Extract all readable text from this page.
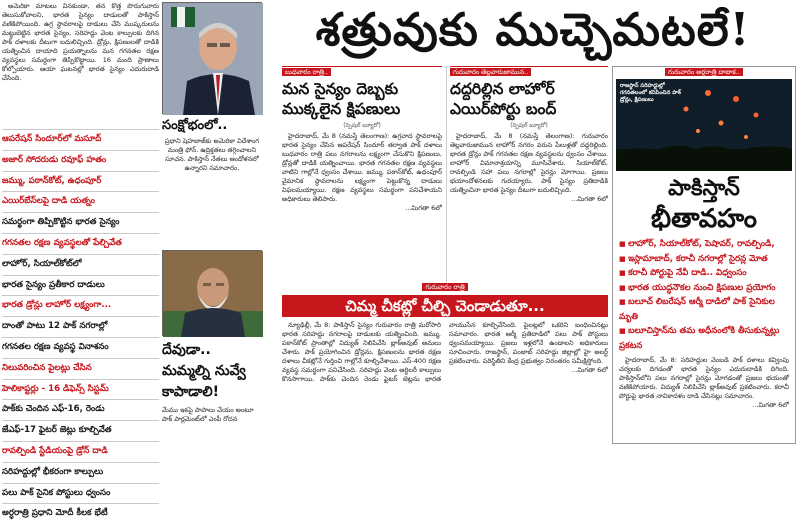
అమెరికా మాటలు వినకుండా, తన కొత్త పొరుగువారు తెలుసుకోవాలని, భారత సైన్యం దాడులతో పాకిస్తాన్ వణికిపోయింది. ఉగ్ర స్థావరాలపై దాడులు చేసి ముష్కరులను మట్టుబెట్టిన భారత సైన్యం, సరిహద్దు వెంట కాల్పులకు దిగిన పాక్ దళాలకు దీటుగా బదులిచ్చింది. డ్రోన్లు, క్షిపణులతో దాడికి యత్నించిన దాయాది ప్రయత్నాలను మన గగనతల రక్షణ వ్యవస్థలు సమర్థంగా తిప్పికొట్టాయి. 16 మంది ప్రాణాలు కోల్పోయారు. ఆయా ఘటనల్లో భారత సైన్యం ఎదురుదాడి చేసింది.

ఆపరేషన్ సిందూర్‌లో మసూద్
అజార్ సోదరుడు రవూఫ్ హతం
జమ్ము, పఠాన్‌కోట్, ఉధంపూర్
ఎయిర్‌బేస్‌లపై దాడి యత్నం
సమర్థంగా తిప్పికొట్టిన భారత సైన్యం
గగనతల రక్షణ వ్యవస్థలతో పేల్చివేత
లాహోర్, సియాల్‌కోట్‌లో
భారత సైన్యం ప్రతీకార దాడులు
భారత డ్రోన్లు లాహోర్ లక్ష్యంగా...
దాంతో పాటు 12 పాక్ నగరాల్లో
గగనతల రక్షణ వ్యవస్థ వినాశనం
నిలువరించిన పైలట్లు చేసిన
హెలికాప్టర్లు - 16 డిఫెన్స్ సిస్టమ్
పాక్‌కు చెందిన ఎఫ్-16, రెండు
జేఎఫ్-17 ఫైటర్ జెట్లు కూల్చివేత
రావల్పిండి స్టేడియంపై డ్రోన్ దాడి
సరిహద్దుల్లో భీకరంగా కాల్పులు
పలు పాక్ సైనిక పోస్టులు ధ్వంసం
అర్ధరాత్రి ప్రధాని మోదీ కీలక భేటీ
సంక్షోభంలో..
ప్రధాని షెహబాజ్‌కు అమెరికా విదేశాంగ మంత్రి ఫోన్. ఉద్రిక్తతలు తగ్గించాలని సూచన. పాకిస్తాన్ నేతలు ఆందోళనలో ఉన్నారని సమాచారం.
దేవుడా.. మమ్మల్ని నువ్వే కాపాడాలి!
మేము ఇకపై పాపాలు చేయం అంటూ పాక్ పార్లమెంట్‌లో ఎంపీ రోదన
శత్రువుకు ముచ్చెమటలే!
బుధవారం రాత్రి..
మన సైన్యం దెబ్బకు ముక్కలైన క్షిపణులు
(స్పెషల్ బ్యూరో)

హైదరాబాద్, మే 8 (నమస్తే తెలంగాణ): ఉగ్రవాద స్థావరాలపై భారత సైన్యం చేసిన ఆపరేషన్ సిందూర్ తర్వాత పాక్ దళాలు బుధవారం రాత్రి పలు నగరాలను లక్ష్యంగా చేసుకొని క్షిపణులు, డ్రోన్లతో దాడికి యత్నించాయి. భారత గగనతల రక్షణ వ్యవస్థలు వాటిని గాల్లోనే ధ్వంసం చేశాయి. జమ్ము, పఠాన్‌కోట్, ఉధంపూర్ వైమానిక స్థావరాలను లక్ష్యంగా పెట్టుకొన్న దాడులు విఫలమయ్యాయి. రక్షణ వ్యవస్థలు సమర్థంగా పనిచేశాయని అధికారులు తెలిపారు.

...మిగతా 6లో
గురువారం తెల్లవారుజామున..
దద్దరిల్లిన లాహోర్ ఎయిర్‌పోర్టు బంద్
(స్పెషల్ బ్యూరో)

హైదరాబాద్, మే 8 (నమస్తే తెలంగాణ): గురువారం తెల్లవారుజామున లాహోర్ నగరం వరుస పేలుళ్లతో దద్దరిల్లింది. భారత డ్రోన్లు పాక్ గగనతల రక్షణ వ్యవస్థలను ధ్వంసం చేశాయి. లాహోర్ విమానాశ్రయాన్ని మూసివేశారు. సియాల్‌కోట్, రావల్పిండి సహా పలు నగరాల్లో సైరన్లు మోగాయి. ప్రజలు భయాందోళనలకు గురయ్యారు. పాక్ సైన్యం ప్రతిదాడికి యత్నించినా భారత సైన్యం దీటుగా బదులిచ్చింది.

...మిగతా 6లో
గురువారం అర్ధరాత్రి దాటాక..
రాజస్థాన్ సరిహద్దుల్లో గగనతలంలో కనిపించిన పాక్ డ్రోన్లు, క్షిపణులు
పాకిస్తాన్
భీతావహం
■ లాహోర్, సియాల్‌కోట్, పెషావర్, రావల్పిండి,
■ ఇస్లామాబాద్, కరాచీ నగరాల్లో సైరన్ల మోత
■ కరాచీ పోర్టుపై నేవీ దాడి.. విధ్వంసం
■ భారత యుద్ధనౌకల నుంచి క్షిపణుల ప్రయోగం
■ బలూచ్ లిబరేషన్ ఆర్మీ దాడిలో పాక్ సైనికుల మృతి
■ బలూచిస్తాన్‌ను తమ అధీనంలోకి తీసుకున్నట్లు ప్రకటన

హైదరాబాద్, మే 8: సరిహద్దుల వెంబడి పాక్ దళాలు కవ్వింపు చర్యలకు దిగడంతో భారత సైన్యం ఎదురుదాడికి దిగింది. పాకిస్తాన్‌లోని పలు నగరాల్లో సైరన్లు మోగడంతో ప్రజలు భయంతో వణికిపోయారు. విద్యుత్ నిలిపివేసి బ్లాక్‌అవుట్ ప్రకటించారు. కరాచీ పోర్టుపై భారత నావికాదళం దాడి చేసినట్లు సమాచారం.

...మిగతా 6లో
గురువారం రాత్రి
చిమ్మ చీకట్లో చీల్చి చెండాడుతూ...

న్యూఢిల్లీ, మే 8: పాకిస్తాన్ సైన్యం గురువారం రాత్రి మరోసారి భారత సరిహద్దు నగరాలపై దాడులకు యత్నించింది. జమ్ము, పఠాన్‌కోట్ ప్రాంతాల్లో విద్యుత్ నిలిపివేసి బ్లాక్‌అవుట్ అమలు చేశారు. పాక్ ప్రయోగించిన డ్రోన్లను, క్షిపణులను భారత రక్షణ దళాలు చీకట్లోనే గుర్తించి గాల్లోనే కూల్చివేశాయి. ఎస్-400 రక్షణ వ్యవస్థ సమర్థంగా పనిచేసింది. సరిహద్దు వెంట ఆర్టిలరీ కాల్పులు కొనసాగాయి. పాక్‌కు చెందిన రెండు ఫైటర్ జెట్లను భారత వాయుసేన కూల్చివేసింది. పైలట్లలో ఒకరిని బంధించినట్లు సమాచారం. భారత ఆర్మీ ప్రతిదాడిలో పలు పాక్ పోస్టులు ధ్వంసమయ్యాయి. ప్రజలు ఇళ్లలోనే ఉండాలని అధికారులు సూచించారు. రాజస్థాన్, పంజాబ్ సరిహద్దు జిల్లాల్లో హై అలర్ట్ ప్రకటించారు. పరిస్థితిని కేంద్ర ప్రభుత్వం నిరంతరం సమీక్షిస్తోంది.

...మిగతా 6లో
